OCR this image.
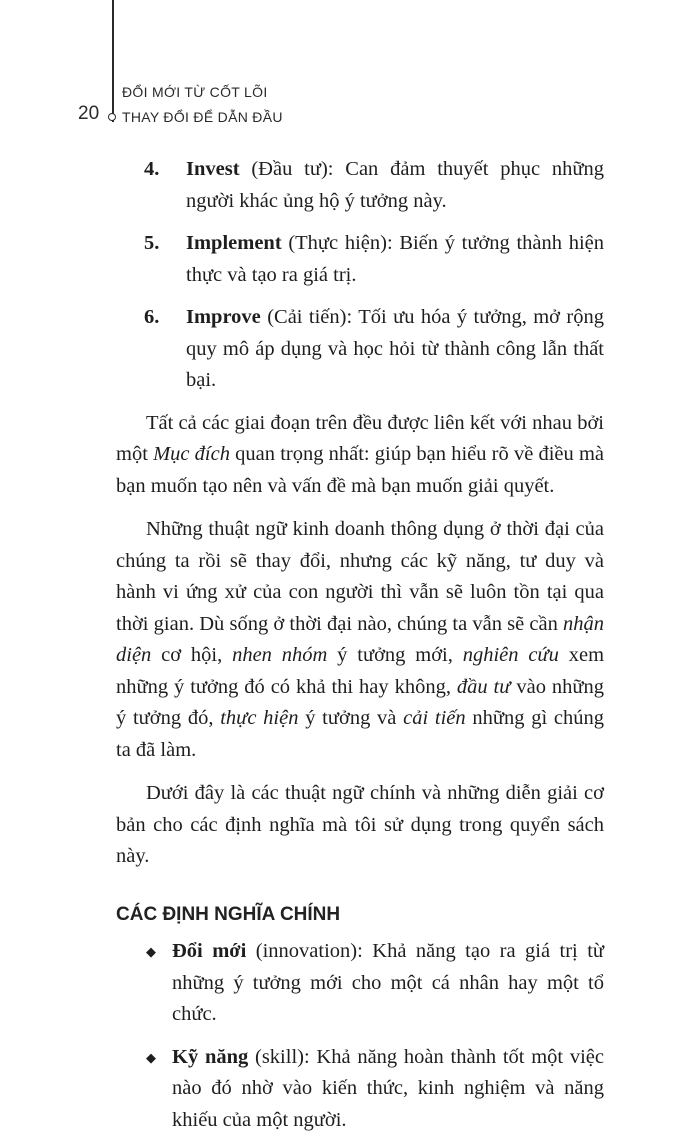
20
ĐỔI MỚI TỪ CỐT LÕI
THAY ĐỔI ĐỂ DẪN ĐẦU
4. Invest (Đầu tư): Can đảm thuyết phục những người khác ủng hộ ý tưởng này.
5. Implement (Thực hiện): Biến ý tưởng thành hiện thực và tạo ra giá trị.
6. Improve (Cải tiến): Tối ưu hóa ý tưởng, mở rộng quy mô áp dụng và học hỏi từ thành công lẫn thất bại.

Tất cả các giai đoạn trên đều được liên kết với nhau bởi một Mục đích quan trọng nhất: giúp bạn hiểu rõ về điều mà bạn muốn tạo nên và vấn đề mà bạn muốn giải quyết.

Những thuật ngữ kinh doanh thông dụng ở thời đại của chúng ta rồi sẽ thay đổi, nhưng các kỹ năng, tư duy và hành vi ứng xử của con người thì vẫn sẽ luôn tồn tại qua thời gian. Dù sống ở thời đại nào, chúng ta vẫn sẽ cần nhận diện cơ hội, nhen nhóm ý tưởng mới, nghiên cứu xem những ý tưởng đó có khả thi hay không, đầu tư vào những ý tưởng đó, thực hiện ý tưởng và cải tiến những gì chúng ta đã làm.

Dưới đây là các thuật ngữ chính và những diễn giải cơ bản cho các định nghĩa mà tôi sử dụng trong quyển sách này.

CÁC ĐỊNH NGHĨA CHÍNH
◆ Đổi mới (innovation): Khả năng tạo ra giá trị từ những ý tưởng mới cho một cá nhân hay một tổ chức.
◆ Kỹ năng (skill): Khả năng hoàn thành tốt một việc nào đó nhờ vào kiến thức, kinh nghiệm và năng khiếu của một người.
